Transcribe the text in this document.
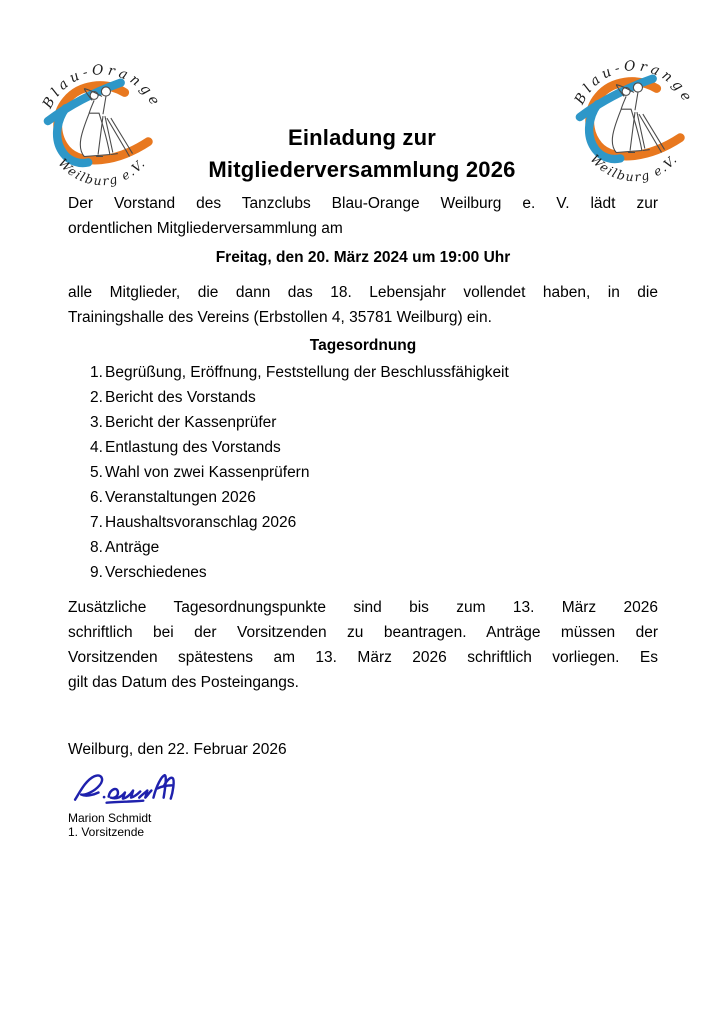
Blau-Orange
Weilburg e.V.
Blau-Orange
Weilburg e.V.
Einladung zur
Mitgliederversammlung 2026
Der Vorstand des Tanzclubs Blau-Orange Weilburg e. V. lädt zur
ordentlichen Mitgliederversammlung am
Freitag, den 20. März 2024 um 19:00 Uhr
alle Mitglieder, die dann das 18. Lebensjahr vollendet haben, in die
Trainingshalle des Vereins (Erbstollen 4, 35781 Weilburg) ein.
Tagesordnung
1. Begrüßung, Eröffnung, Feststellung der Beschlussfähigkeit
2. Bericht des Vorstands
3. Bericht der Kassenprüfer
4. Entlastung des Vorstands
5. Wahl von zwei Kassenprüfern
6. Veranstaltungen 2026
7. Haushaltsvoranschlag 2026
8. Anträge
9. Verschiedenes
Zusätzliche Tagesordnungspunkte sind bis zum 13. März 2026
schriftlich bei der Vorsitzenden zu beantragen. Anträge müssen der
Vorsitzenden spätestens am 13. März 2026 schriftlich vorliegen. Es
gilt das Datum des Posteingangs.
Weilburg, den 22. Februar 2026
Marion Schmidt
1. Vorsitzende
